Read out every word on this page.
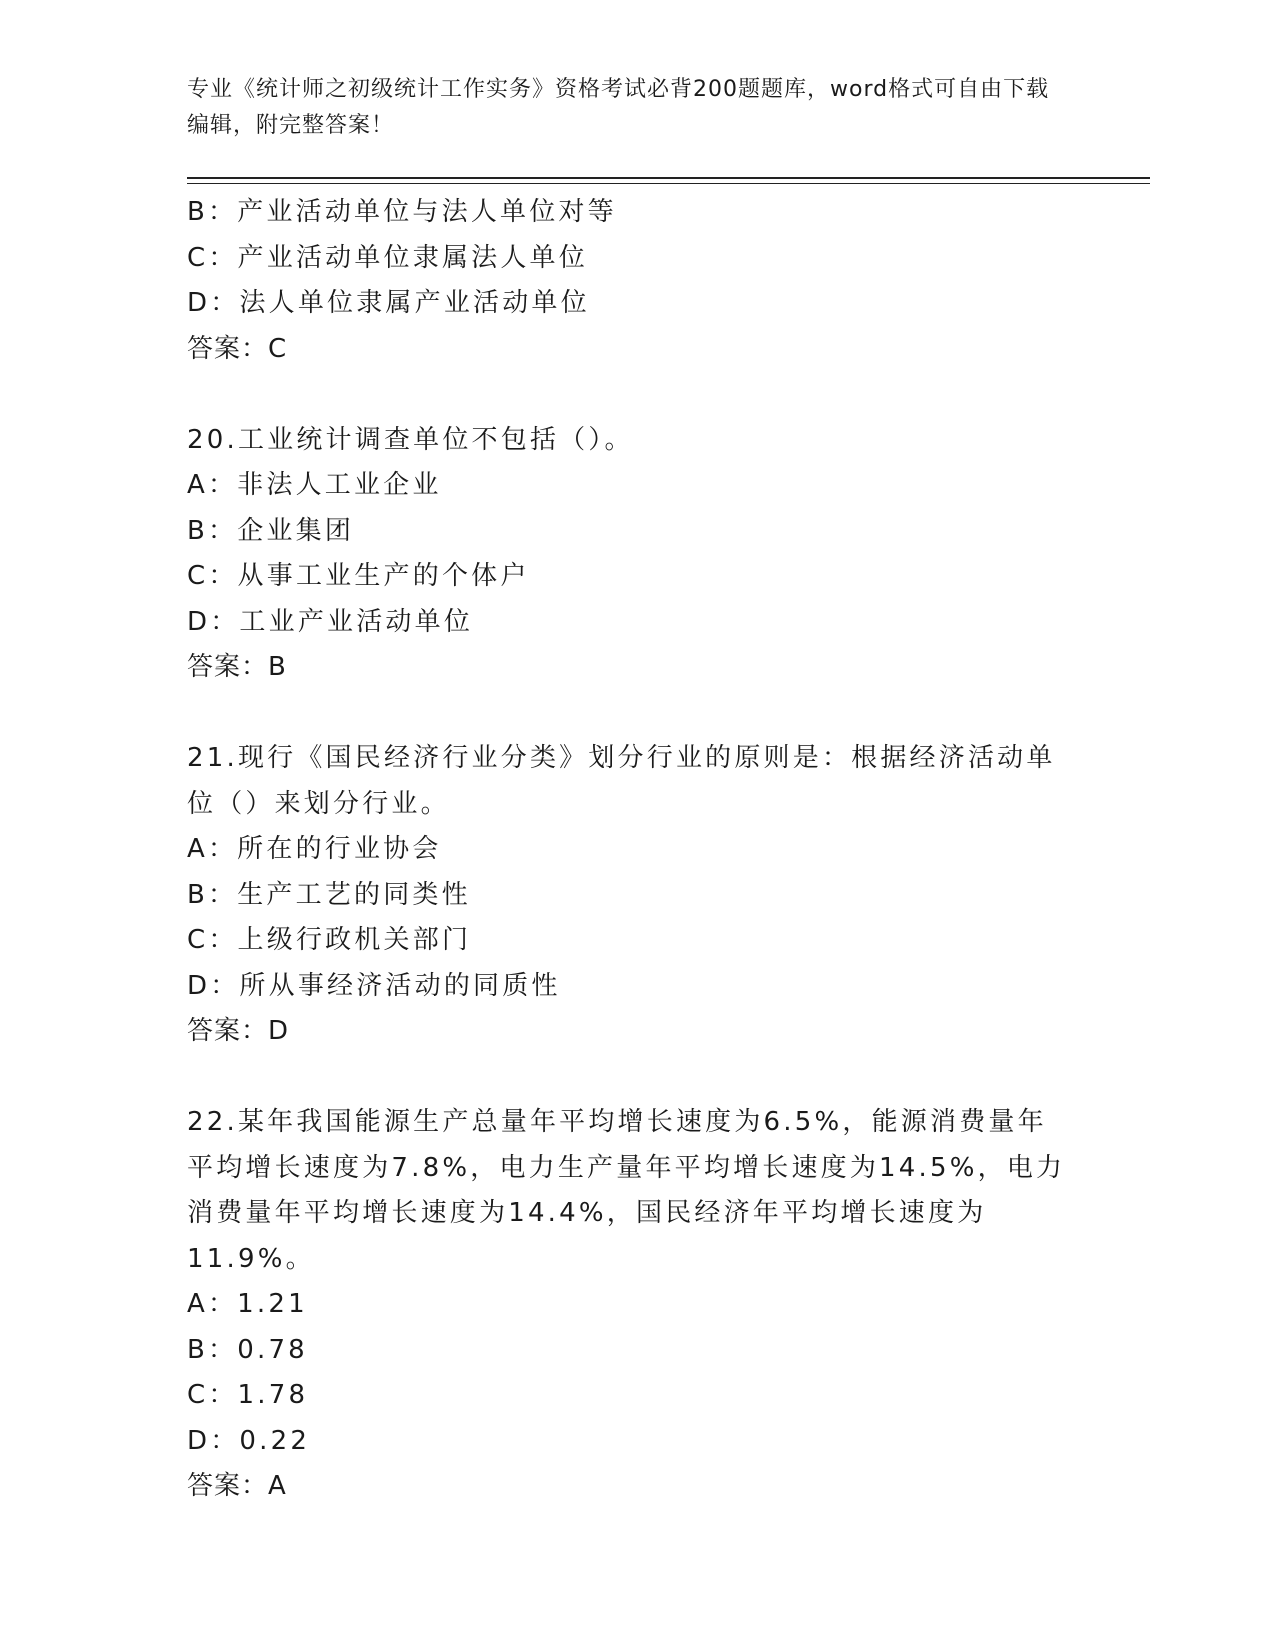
专业《统计师之初级统计工作实务》资格考试必背200题题库，word格式可自由下载编辑，附完整答案！
B：产业活动单位与法人单位对等
C：产业活动单位隶属法人单位
D：法人单位隶属产业活动单位
答案：C
20.工业统计调查单位不包括（）。
A：非法人工业企业
B：企业集团
C：从事工业生产的个体户
D：工业产业活动单位
答案：B
21.现行《国民经济行业分类》划分行业的原则是：根据经济活动单位（）来划分行业。
A：所在的行业协会
B：生产工艺的同类性
C：上级行政机关部门
D：所从事经济活动的同质性
答案：D
22.某年我国能源生产总量年平均增长速度为6.5%，能源消费量年平均增长速度为7.8%，电力生产量年平均增长速度为14.5%，电力消费量年平均增长速度为14.4%，国民经济年平均增长速度为11.9%。
A：1.21
B：0.78
C：1.78
D：0.22
答案：A
